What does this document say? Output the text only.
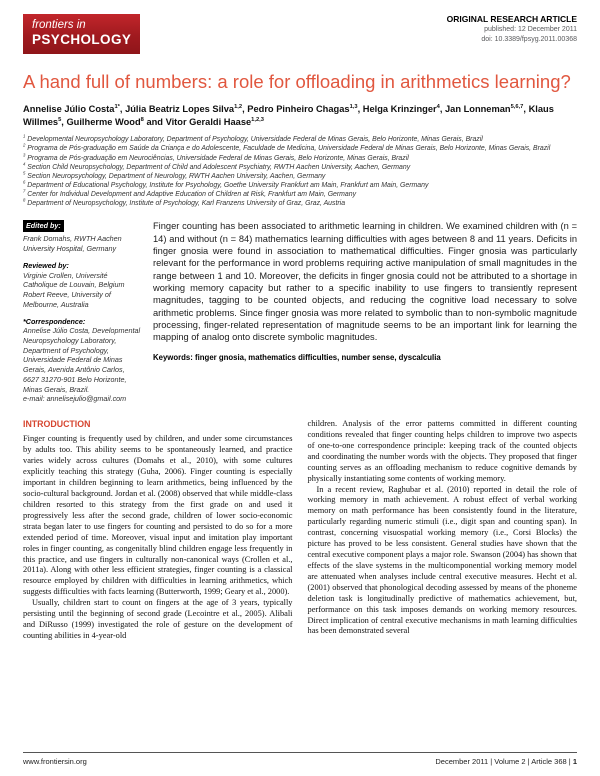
frontiers in
PSYCHOLOGY
ORIGINAL RESEARCH ARTICLE
published: 12 December 2011
doi: 10.3389/fpsyg.2011.00368
A hand full of numbers: a role for offloading in arithmetics learning?

Annelise Júlio Costa$^{1*}$, Júlia Beatriz Lopes Silva$^{1,2}$, Pedro Pinheiro Chagas$^{1,3}$, Helga Krinzinger$^4$, Jan Lonneman$^{5,6,7}$, Klaus Willmes$^5$, Guilherme Wood$^8$ and Vitor Geraldi Haase$^{1,2,3}$

$^1$ Developmental Neuropsychology Laboratory, Department of Psychology, Universidade Federal de Minas Gerais, Belo Horizonte, Minas Gerais, Brazil
$^2$ Programa de Pós-graduação em Saúde da Criança e do Adolescente, Faculdade de Medicina, Universidade Federal de Minas Gerais, Belo Horizonte, Minas Gerais, Brazil
$^3$ Programa de Pós-graduação em Neurociências, Universidade Federal de Minas Gerais, Belo Horizonte, Minas Gerais, Brazil
$^4$ Section Child Neuropsychology, Department of Child and Adolescent Psychiatry, RWTH Aachen University, Aachen, Germany
$^5$ Section Neuropsychology, Department of Neurology, RWTH Aachen University, Aachen, Germany
$^6$ Department of Educational Psychology, Institute for Psychology, Goethe University Frankfurt am Main, Frankfurt am Main, Germany
$^7$ Center for Individual Development and Adaptive Education of Children at Risk, Frankfurt am Main, Germany
$^8$ Department of Neuropsychology, Institute of Psychology, Karl Franzens University of Graz, Graz, Austria
Edited by:
Frank Domahs, RWTH Aachen University Hospital, Germany
Reviewed by:
Virginie Crollen, Université Catholique de Louvain, Belgium
Robert Reeve, University of Melbourne, Australia
*Correspondence:
Annelise Júlio Costa, Developmental Neuropsychology Laboratory, Department of Psychology, Universidade Federal de Minas Gerais, Avenida Antônio Carlos, 6627 31270-901 Belo Horizonte, Minas Gerais, Brazil.
e-mail: annelisejulio@gmail.com
Finger counting has been associated to arithmetic learning in children. We examined children with (n = 14) and without (n = 84) mathematics learning difficulties with ages between 8 and 11 years. Deficits in finger gnosia were found in association to mathematical difficulties. Finger gnosia was particularly relevant for the performance in word problems requiring active manipulation of small magnitudes in the range between 1 and 10. Moreover, the deficits in finger gnosia could not be attributed to a shortage in working memory capacity but rather to a specific inability to use fingers to transiently represent magnitudes, tagging to be counted objects, and reducing the cognitive load necessary to solve arithmetic problems. Since finger gnosia was more related to symbolic than to non-symbolic magnitude processing, finger-related representation of magnitude seems to be an important link for learning the mapping of analog onto discrete symbolic magnitudes.
Keywords: finger gnosia, mathematics difficulties, number sense, dyscalculia
INTRODUCTION

Finger counting is frequently used by children, and under some circumstances by adults too. This ability seems to be spontaneously learned, and practice varies widely across cultures (Domahs et al., 2010), with some cultures explicitly teaching this strategy (Guha, 2006). Finger counting is especially important in children beginning to learn arithmetics, being influenced by the socio-cultural background. Jordan et al. (2008) observed that while middle-class children resorted to this strategy from the first grade on and used it progressively less after the second grade, children of lower socio-economic strata began later to use fingers for counting and persisted to do so for a more extended period of time. Moreover, visual input and imitation play important roles in finger counting, as congenitally blind children engage less frequently in this practice, and use fingers in culturally non-canonical ways (Crollen et al., 2011a). Along with other less efficient strategies, finger counting is a classical resource employed by children with difficulties in learning arithmetics, which suggests difficulties with facts learning (Butterworth, 1999; Geary et al., 2000).

Usually, children start to count on fingers at the age of 3 years, typically persisting until the beginning of second grade (Lecointre et al., 2005). Alibali and DiRusso (1999) investigated the role of gesture on the development of counting abilities in 4-year-old

children. Analysis of the error patterns committed in different counting conditions revealed that finger counting helps children to improve two aspects of one-to-one correspondence principle: keeping track of the counted objects and coordinating the number words with the objects. They proposed that finger counting serves as an offloading mechanism to reduce cognitive demands by physically instantiating some contents of working memory.

In a recent review, Raghubar et al. (2010) reported in detail the role of working memory in math achievement. A robust effect of verbal working memory on math performance has been consistently found in the literature, particularly regarding numeric stimuli (i.e., digit span and counting span). In contrast, concerning visuospatial working memory (i.e., Corsi Blocks) the picture has proved to be less consistent. General studies have shown that the central executive component plays a major role. Swanson (2004) has shown that effects of the slave systems in the multicomponential working memory model are attenuated when analyses include central executive measures. Hecht et al. (2001) observed that phonological decoding assessed by means of the phoneme deletion task is longitudinally predictive of mathematics achievement, but, performance on this task imposes demands on working memory resources. Direct implication of central executive mechanisms in math learning difficulties has been demonstrated several

www.frontiersin.org	December 2011 | Volume 2 | Article 368 | 1
